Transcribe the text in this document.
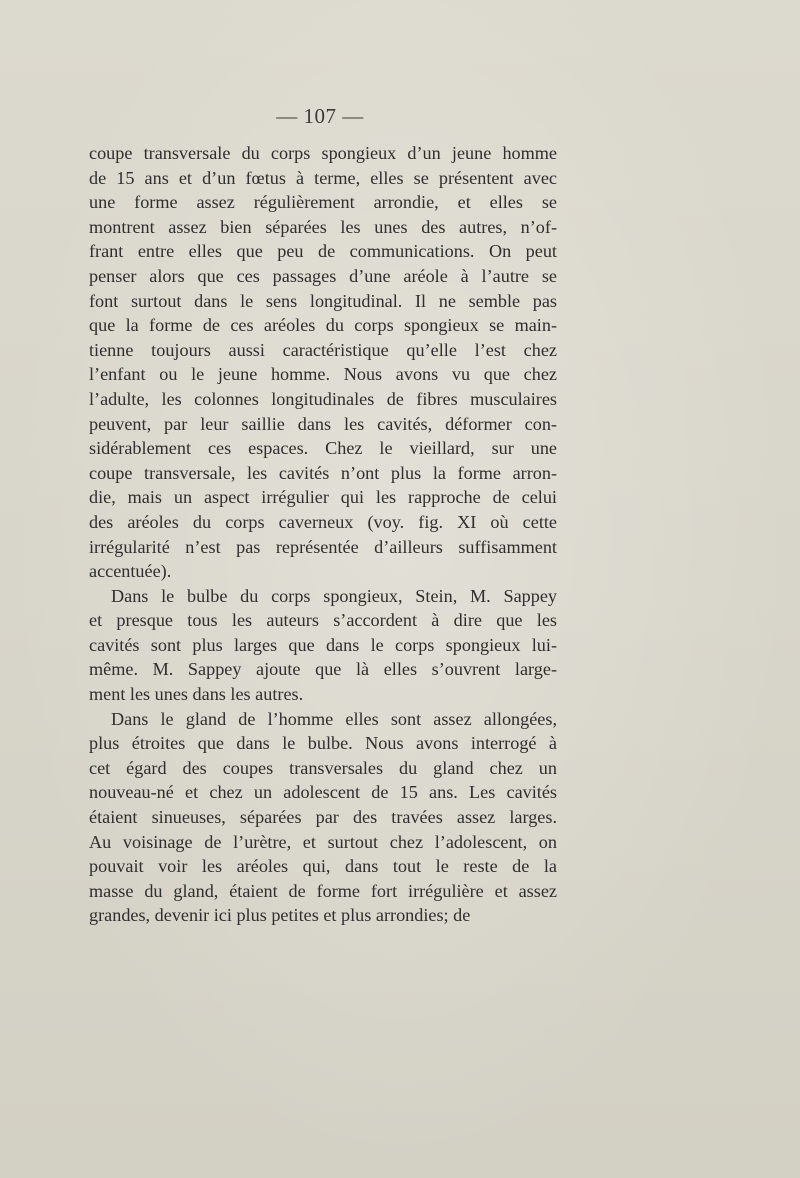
— 107 —
coupe transversale du corps spongieux d’un jeune homme
de 15 ans et d’un fœtus à terme, elles se présentent avec
une forme assez régulièrement arrondie, et elles se
montrent assez bien séparées les unes des autres, n’of-
frant entre elles que peu de communications. On peut
penser alors que ces passages d’une aréole à l’autre se
font surtout dans le sens longitudinal. Il ne semble pas
que la forme de ces aréoles du corps spongieux se main-
tienne toujours aussi caractéristique qu’elle l’est chez
l’enfant ou le jeune homme. Nous avons vu que chez
l’adulte, les colonnes longitudinales de fibres musculaires
peuvent, par leur saillie dans les cavités, déformer con-
sidérablement ces espaces. Chez le vieillard, sur une
coupe transversale, les cavités n’ont plus la forme arron-
die, mais un aspect irrégulier qui les rapproche de celui
des aréoles du corps caverneux (voy. fig. XI où cette
irrégularité n’est pas représentée d’ailleurs suffisamment
accentuée).
Dans le bulbe du corps spongieux, Stein, M. Sappey
et presque tous les auteurs s’accordent à dire que les
cavités sont plus larges que dans le corps spongieux lui-
même. M. Sappey ajoute que là elles s’ouvrent large-
ment les unes dans les autres.
Dans le gland de l’homme elles sont assez allongées,
plus étroites que dans le bulbe. Nous avons interrogé à
cet égard des coupes transversales du gland chez un
nouveau-né et chez un adolescent de 15 ans. Les cavités
étaient sinueuses, séparées par des travées assez larges.
Au voisinage de l’urètre, et surtout chez l’adolescent, on
pouvait voir les aréoles qui, dans tout le reste de la
masse du gland, étaient de forme fort irrégulière et assez
grandes, devenir ici plus petites et plus arrondies; de
